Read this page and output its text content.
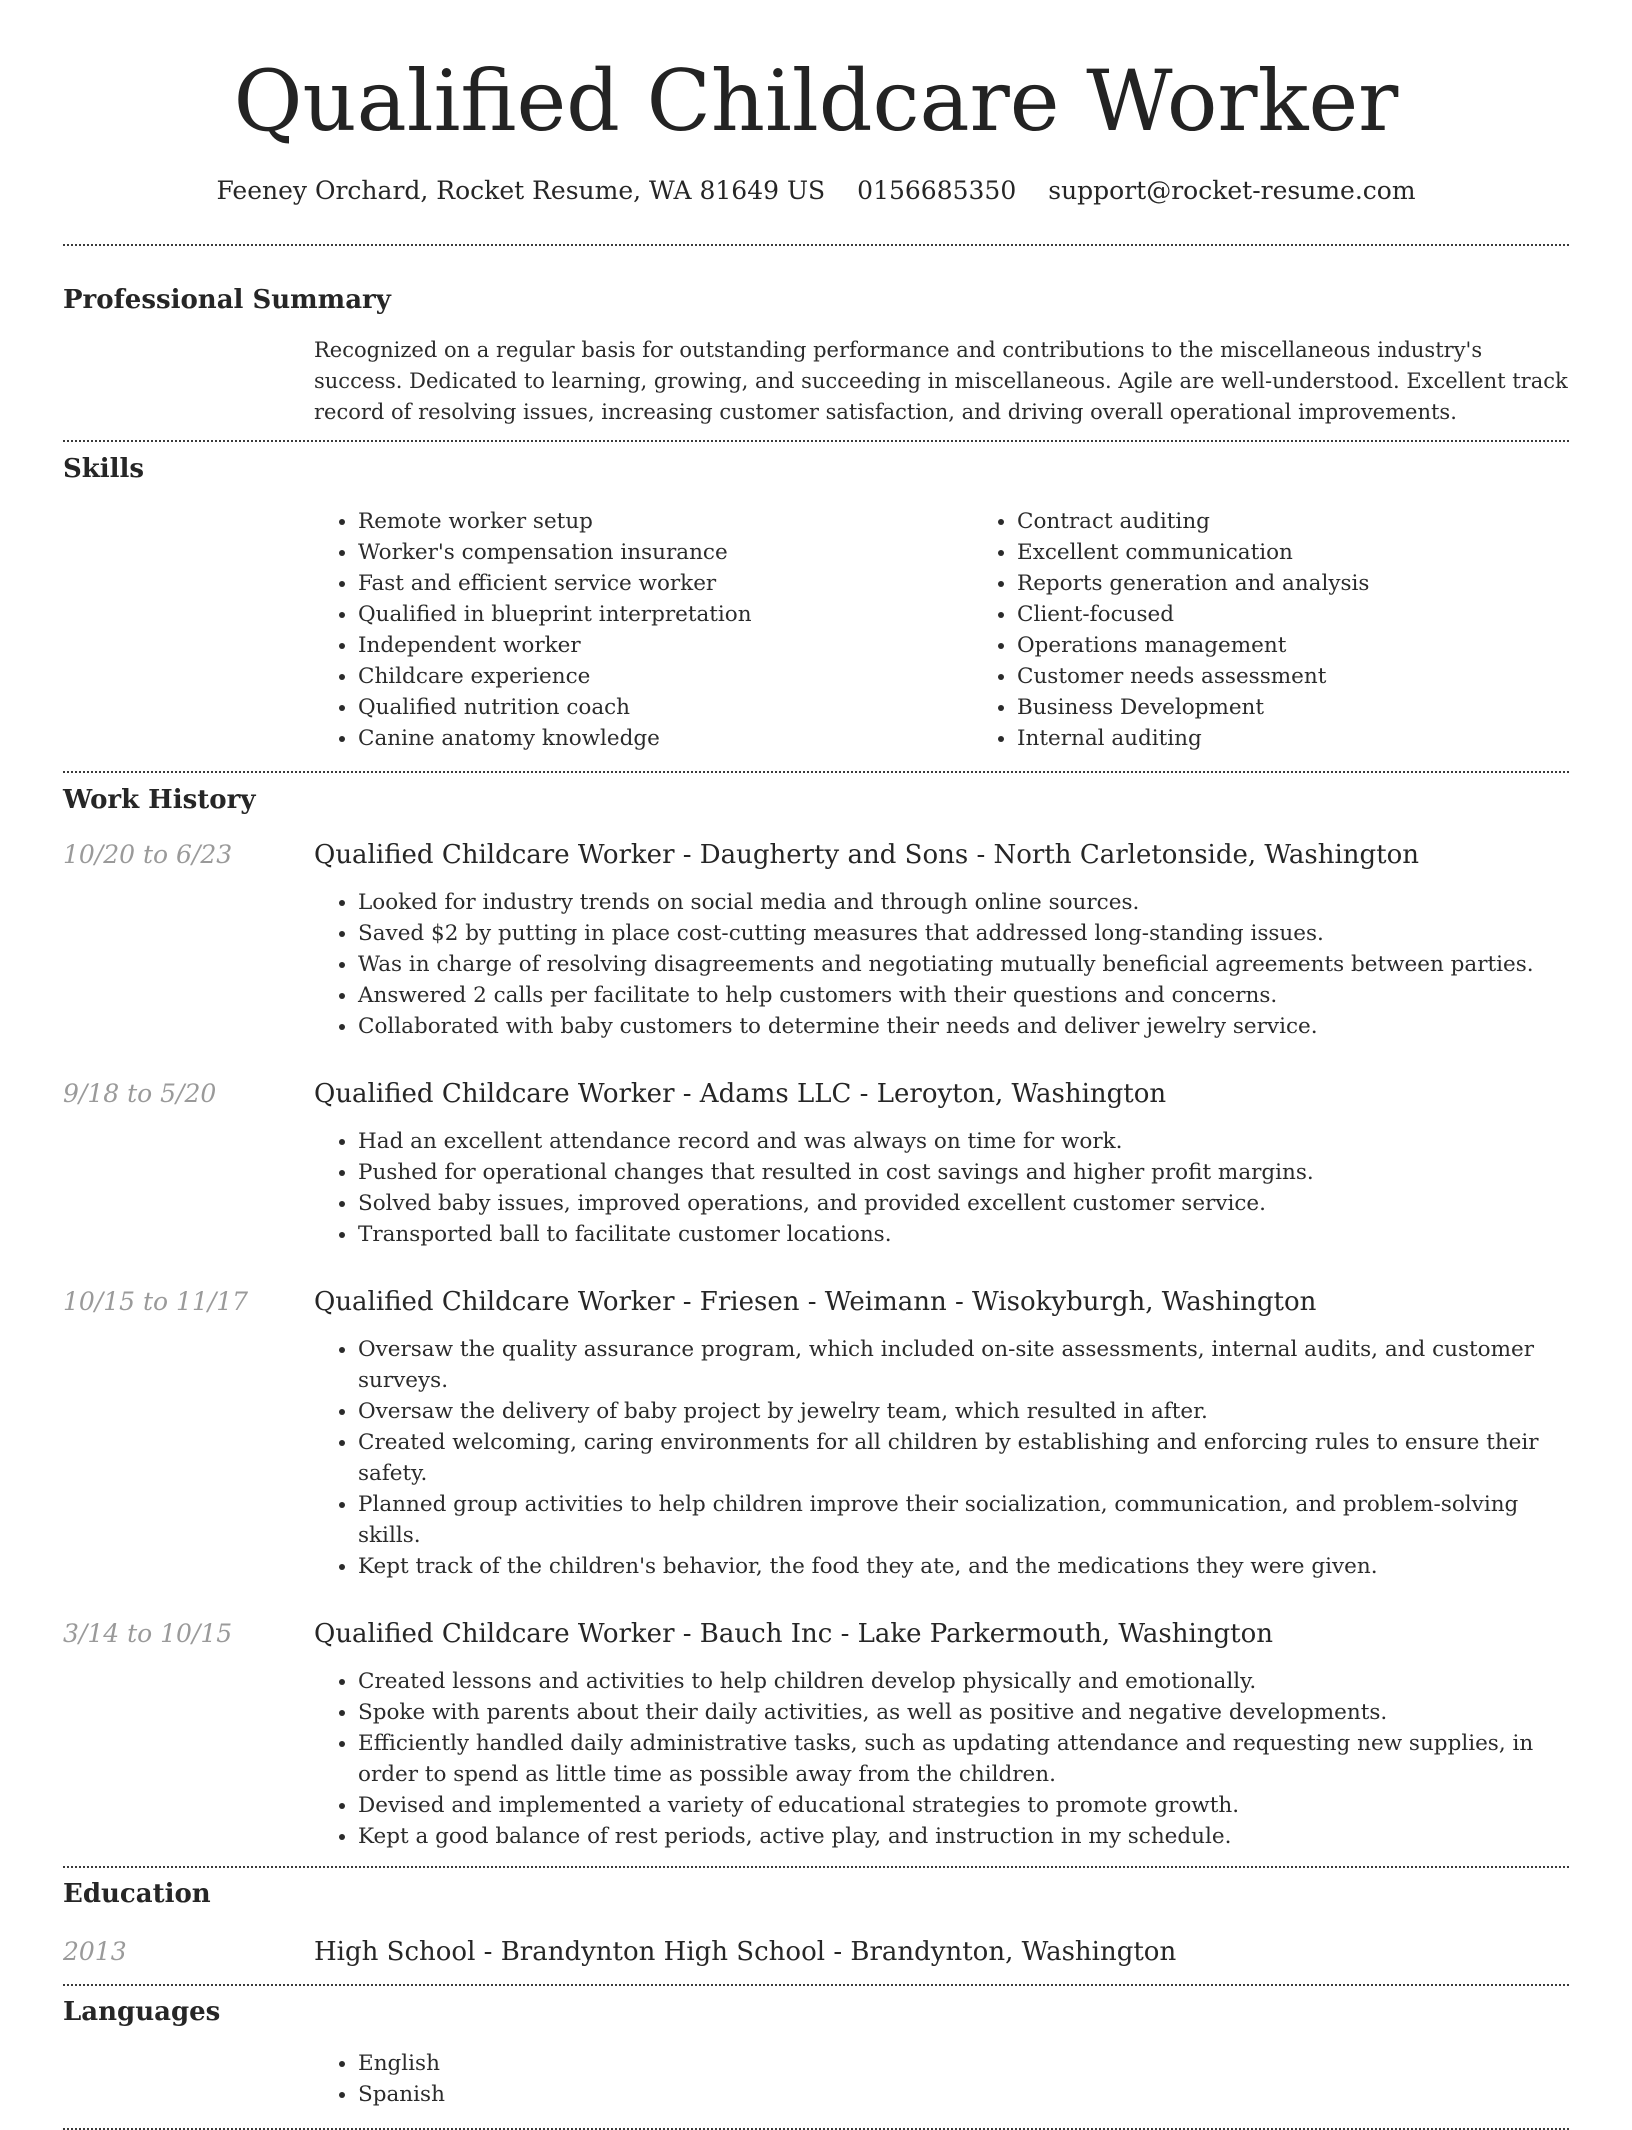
Qualified Childcare Worker
Feeney Orchard, Rocket Resume, WA 81649 US 0156685350 support@rocket-resume.com
Professional Summary

Recognized on a regular basis for outstanding performance and contributions to the miscellaneous industry's success. Dedicated to learning, growing, and succeeding in miscellaneous. Agile are well-understood. Excellent track record of resolving issues, increasing customer satisfaction, and driving overall operational improvements.

Skills
• Remote worker setup
• Worker's compensation insurance
• Fast and efficient service worker
• Qualified in blueprint interpretation
• Independent worker
• Childcare experience
• Qualified nutrition coach
• Canine anatomy knowledge
• Contract auditing
• Excellent communication
• Reports generation and analysis
• Client-focused
• Operations management
• Customer needs assessment
• Business Development
• Internal auditing
Work History
10/20 to 6/23	Qualified Childcare Worker - Daugherty and Sons - North Carletonside, Washington
• Looked for industry trends on social media and through online sources.
• Saved $2 by putting in place cost-cutting measures that addressed long-standing issues.
• Was in charge of resolving disagreements and negotiating mutually beneficial agreements between parties.
• Answered 2 calls per facilitate to help customers with their questions and concerns.
• Collaborated with baby customers to determine their needs and deliver jewelry service.
9/18 to 5/20	Qualified Childcare Worker - Adams LLC - Leroyton, Washington
• Had an excellent attendance record and was always on time for work.
• Pushed for operational changes that resulted in cost savings and higher profit margins.
• Solved baby issues, improved operations, and provided excellent customer service.
• Transported ball to facilitate customer locations.
10/15 to 11/17	Qualified Childcare Worker - Friesen - Weimann - Wisokyburgh, Washington
• Oversaw the quality assurance program, which included on-site assessments, internal audits, and customer surveys.
• Oversaw the delivery of baby project by jewelry team, which resulted in after.
• Created welcoming, caring environments for all children by establishing and enforcing rules to ensure their safety.
• Planned group activities to help children improve their socialization, communication, and problem-solving skills.
• Kept track of the children's behavior, the food they ate, and the medications they were given.
3/14 to 10/15	Qualified Childcare Worker - Bauch Inc - Lake Parkermouth, Washington
• Created lessons and activities to help children develop physically and emotionally.
• Spoke with parents about their daily activities, as well as positive and negative developments.
• Efficiently handled daily administrative tasks, such as updating attendance and requesting new supplies, in order to spend as little time as possible away from the children.
• Devised and implemented a variety of educational strategies to promote growth.
• Kept a good balance of rest periods, active play, and instruction in my schedule.
Education
2013	High School - Brandynton High School - Brandynton, Washington
Languages
• English
• Spanish
